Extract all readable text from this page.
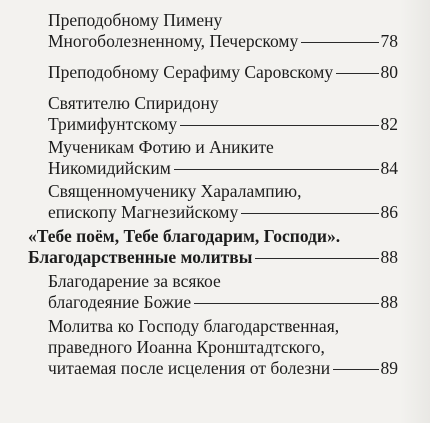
Преподобному Пимену
Многоболезненному, Печерскому	78
Преподобному Серафиму Саровскому	80
Святителю Спиридону
Тримифунтскому	82
Мученикам Фотию и Аниките
Никомидийским	84
Священномученику Харалампию,
епископу Магнезийскому	86
«Тебе поём, Тебе благодарим, Господи».
Благодарственные молитвы	88
Благодарение за всякое
благодеяние Божие	88
Молитва ко Господу благодарственная,
праведного Иоанна Кронштадтского,
читаемая после исцеления от болезни	89
